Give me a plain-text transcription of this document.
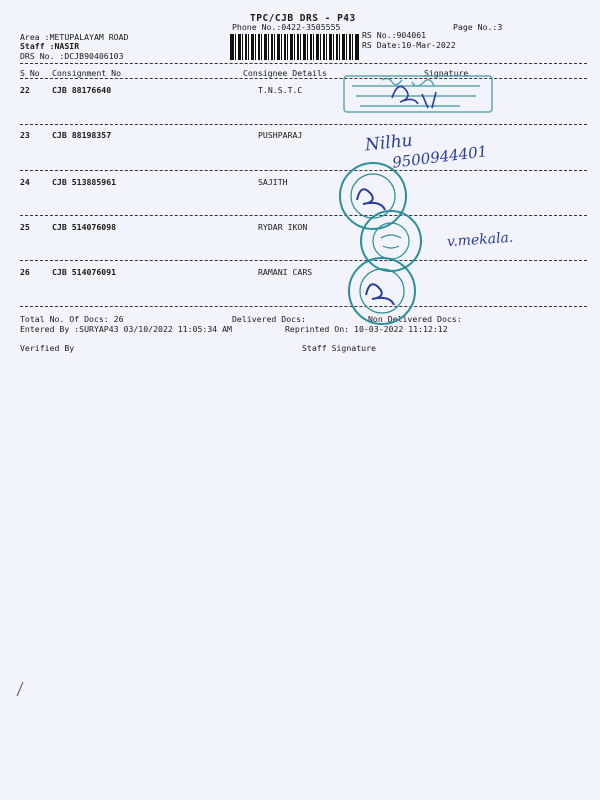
TPC/CJB DRS - P43
Phone No.:0422-3505555	Page No.:3
Area :METUPALAYAM ROAD
Staff :NASIR
DRS No. :DCJB90406103
RS No.:904061
RS Date:10-Mar-2022
S No Consignment No	Consignee Details	Signature
22	CJB 88176640	T.N.S.T.C
23	CJB 88198357	PUSHPARAJ
24	CJB 513885961	SAJITH
25	CJB 514076098	RYDAR IKON
26	CJB 514076091	RAMANI CARS
Total No. Of Docs: 26	Delivered Docs:	Non Delivered Docs:
Entered By :SURYAP43 03/10/2022 11:05:34 AM	Reprinted On: 10-03-2022 11:12:12
Verified By	Staff Signature
Nilhu
9500944401
v.mekala.
